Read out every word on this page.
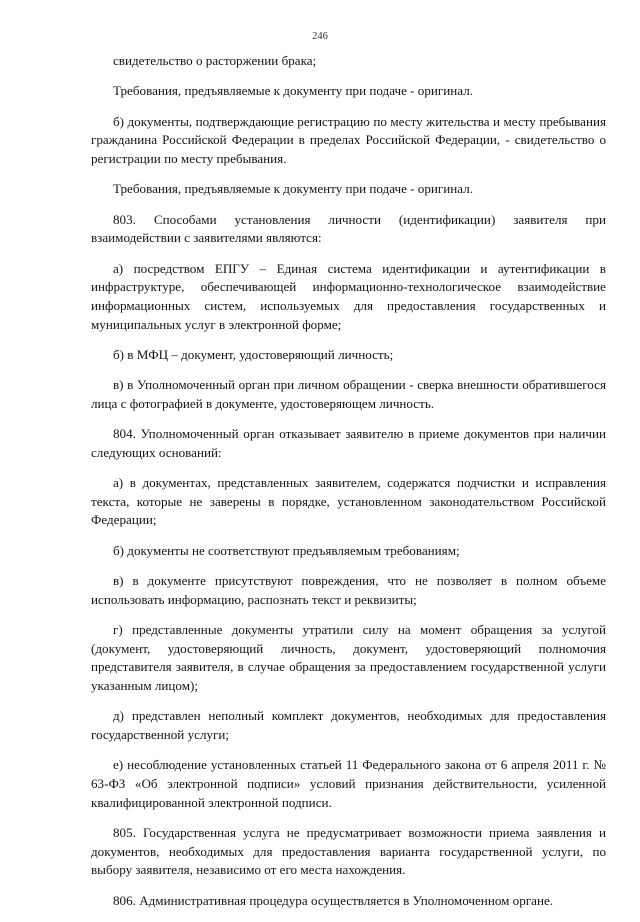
246

свидетельство о расторжении брака;

Требования, предъявляемые к документу при подаче - оригинал.

б) документы, подтверждающие регистрацию по месту жительства и месту пребывания гражданина Российской Федерации в пределах Российской Федерации, - свидетельство о регистрации по месту пребывания.

Требования, предъявляемые к документу при подаче - оригинал.

803. Способами установления личности (идентификации) заявителя при взаимодействии с заявителями являются:

а) посредством ЕПГУ – Единая система идентификации и аутентификации в инфраструктуре, обеспечивающей информационно-технологическое взаимодействие информационных систем, используемых для предоставления государственных и муниципальных услуг в электронной форме;

б) в МФЦ – документ, удостоверяющий личность;

в) в Уполномоченный орган при личном обращении - сверка внешности обратившегося лица с фотографией в документе, удостоверяющем личность.

804. Уполномоченный орган отказывает заявителю в приеме документов при наличии следующих оснований:

а) в документах, представленных заявителем, содержатся подчистки и исправления текста, которые не заверены в порядке, установленном законодательством Российской Федерации;

б) документы не соответствуют предъявляемым требованиям;

в) в документе присутствуют повреждения, что не позволяет в полном объеме использовать информацию, распознать текст и реквизиты;

г) представленные документы утратили силу на момент обращения за услугой (документ, удостоверяющий личность, документ, удостоверяющий полномочия представителя заявителя, в случае обращения за предоставлением государственной услуги указанным лицом);

д) представлен неполный комплект документов, необходимых для предоставления государственной услуги;

е) несоблюдение установленных статьей 11 Федерального закона от 6 апреля 2011 г. № 63-ФЗ «Об электронной подписи» условий признания действительности, усиленной квалифицированной электронной подписи.

805. Государственная услуга не предусматривает возможности приема заявления и документов, необходимых для предоставления варианта государственной услуги, по выбору заявителя, независимо от его места нахождения.

806. Административная процедура осуществляется в Уполномоченном органе.
